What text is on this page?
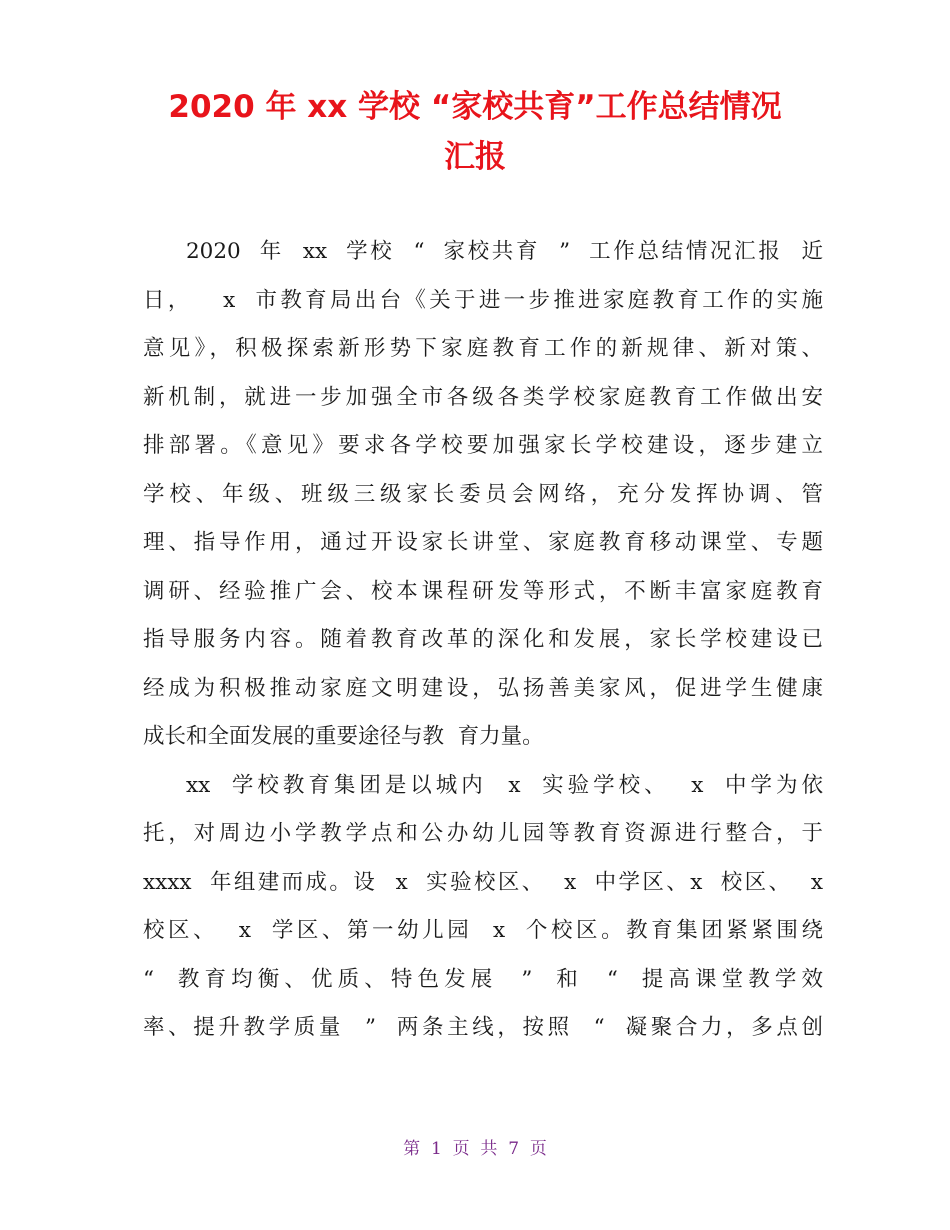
2020 年 xx 学校 “家校共育”工作总结情况
汇报
2020  年  xx  学校  “  家校共育  ”  工作总结情况汇报  近
日，   x  市教育局出台《关于进一步推进家庭教育工作的实施
意见》，积极探索新形势下家庭教育工作的新规律、新对策、
新机制，就进一步加强全市各级各类学校家庭教育工作做出安
排部署。《意见》要求各学校要加强家长学校建设，逐步建立
学校、年级、班级三级家长委员会网络，充分发挥协调、管
理、指导作用，通过开设家长讲堂、家庭教育移动课堂、专题
调研、经验推广会、校本课程研发等形式，不断丰富家庭教育
指导服务内容。随着教育改革的深化和发展，家长学校建设已
经成为积极推动家庭文明建设，弘扬善美家风，促进学生健康
成长和全面发展的重要途径与教  育力量。
xx  学校教育集团是以城内  x  实验学校、  x  中学为依
托，对周边小学教学点和公办幼儿园等教育资源进行整合，于
xxxx  年组建而成。设  x  实验校区、  x  中学区、x  校区、  x
校区、  x  学区、第一幼儿园  x  个校区。教育集团紧紧围绕
“  教育均衡、优质、特色发展  ”  和  “  提高课堂教学效
率、提升教学质量  ”  两条主线，按照  “  凝聚合力，多点创
第  1  页  共  7  页
